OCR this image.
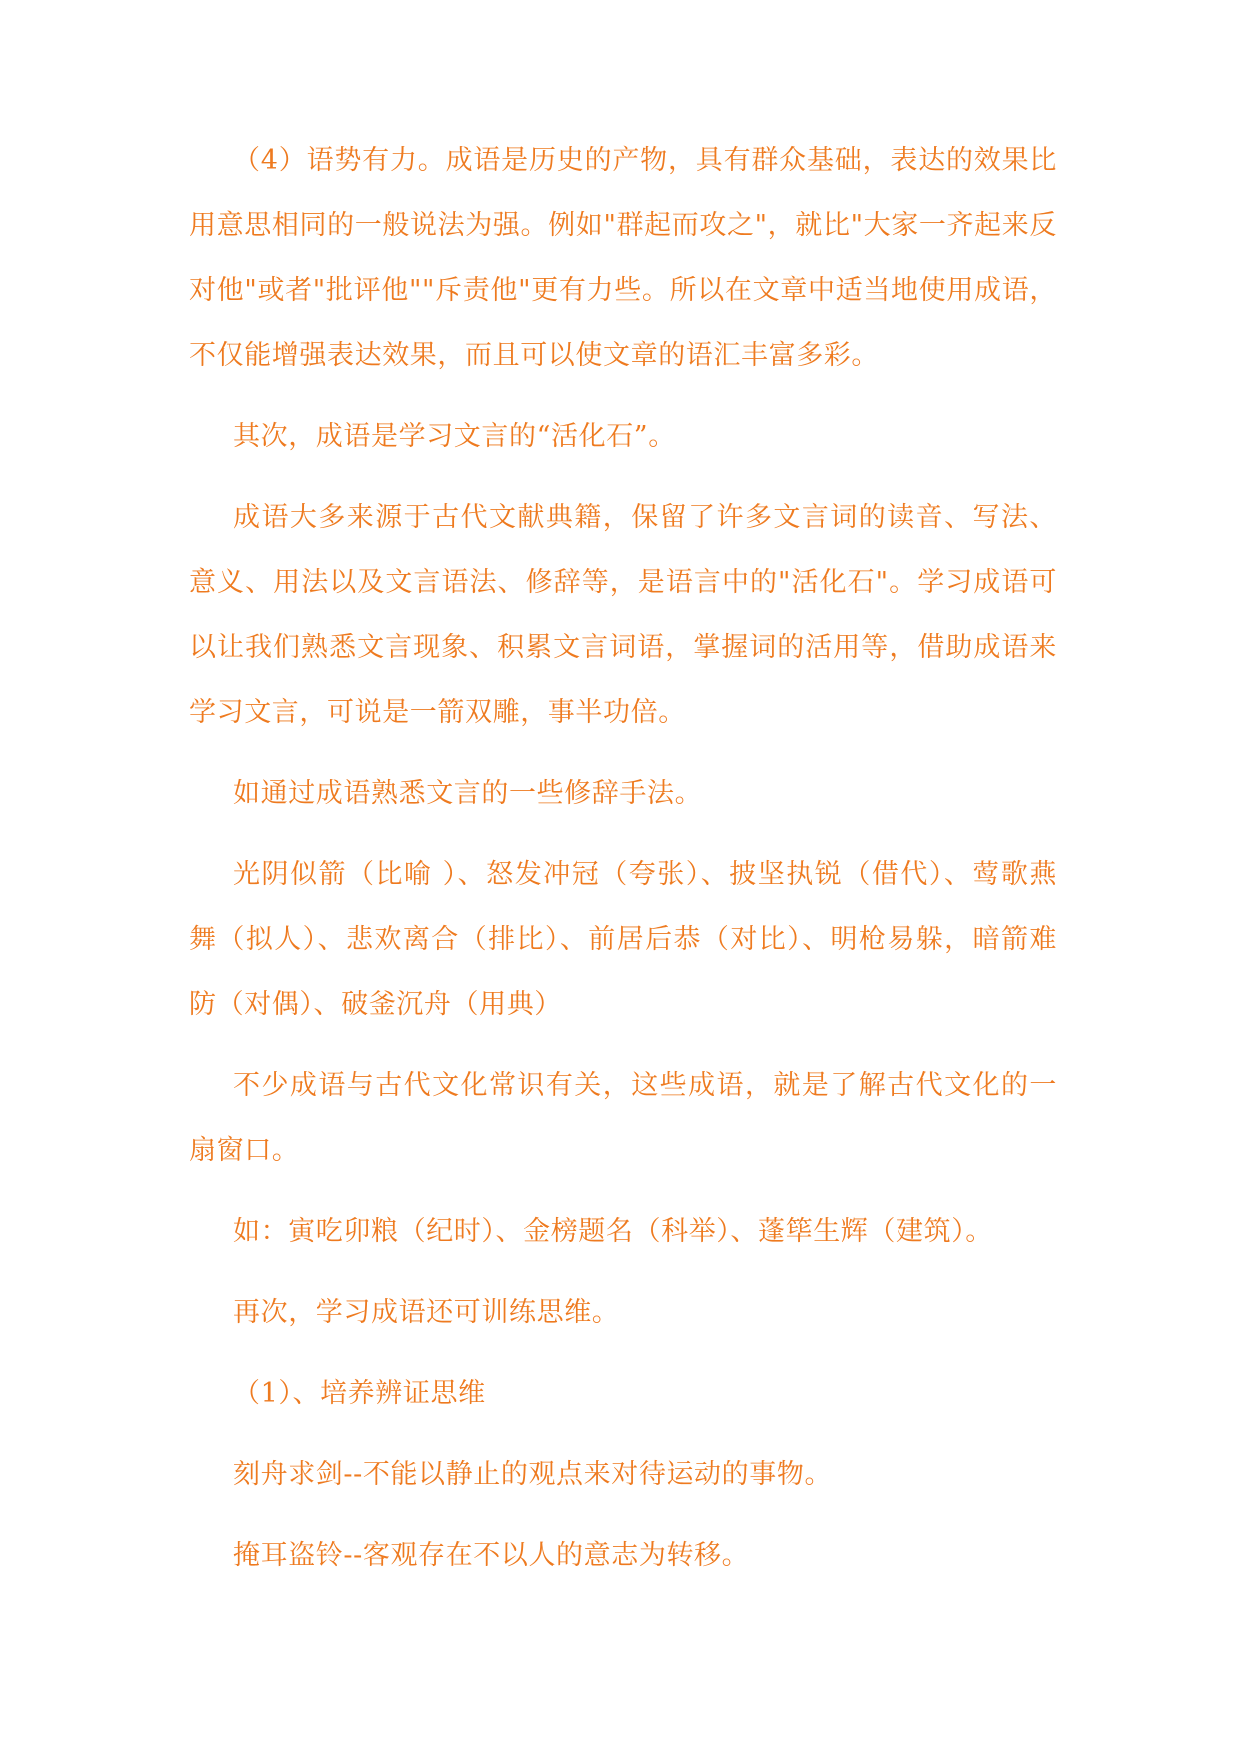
（4）语势有力。成语是历史的产物，具有群众基础，表达的效果比用意思相同的一般说法为强。例如"群起而攻之"，就比"大家一齐起来反对他"或者"批评他""斥责他"更有力些。所以在文章中适当地使用成语，不仅能增强表达效果，而且可以使文章的语汇丰富多彩。

其次，成语是学习文言的“活化石”。

成语大多来源于古代文献典籍，保留了许多文言词的读音、写法、意义、用法以及文言语法、修辞等，是语言中的"活化石"。学习成语可以让我们熟悉文言现象、积累文言词语，掌握词的活用等，借助成语来学习文言，可说是一箭双雕，事半功倍。

如通过成语熟悉文言的一些修辞手法。

光阴似箭（比喻 ）、怒发冲冠（夸张）、披坚执锐（借代）、莺歌燕舞（拟人）、悲欢离合（排比）、前居后恭（对比）、明枪易躲，暗箭难防（对偶）、破釜沉舟（用典）

不少成语与古代文化常识有关，这些成语，就是了解古代文化的一扇窗口。

如：寅吃卯粮（纪时）、金榜题名（科举）、蓬筚生辉（建筑）。

再次，学习成语还可训练思维。

（1）、培养辨证思维

刻舟求剑--不能以静止的观点来对待运动的事物。

掩耳盗铃--客观存在不以人的意志为转移。
